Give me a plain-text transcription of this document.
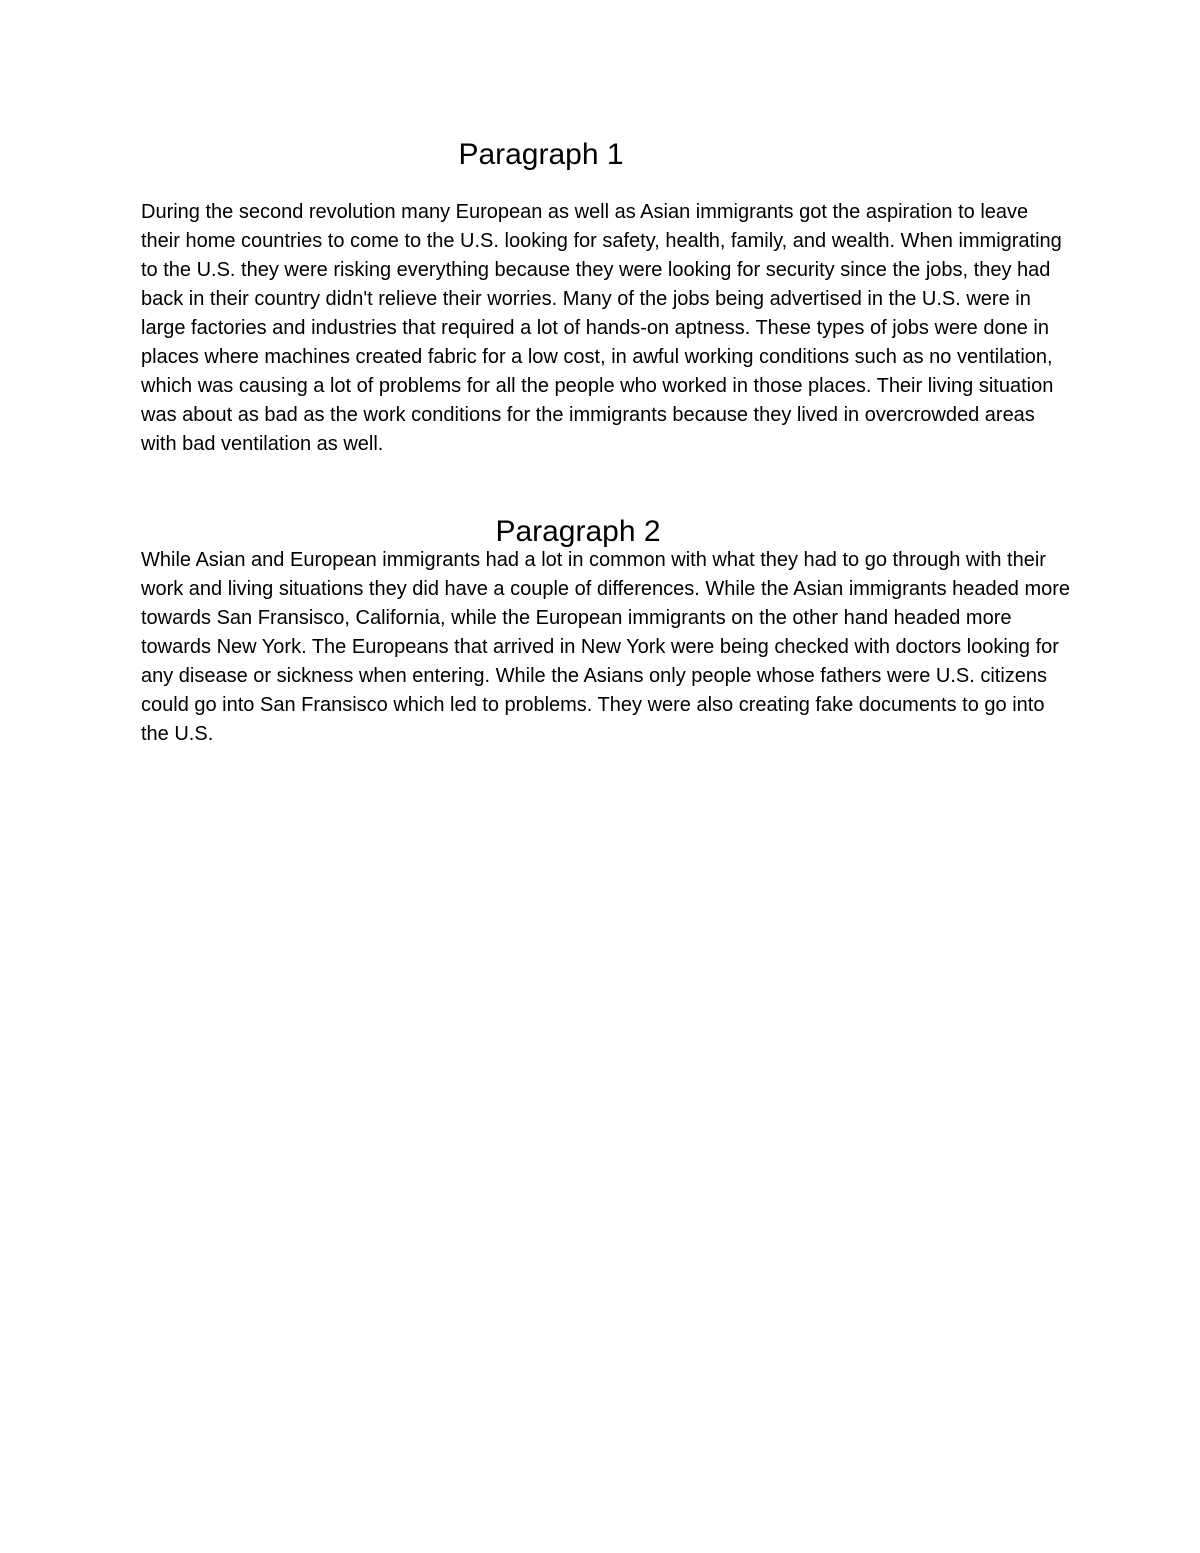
Paragraph 1

During the second revolution many European as well as Asian immigrants got the aspiration to leave their home countries to come to the U.S. looking for safety, health, family, and wealth. When immigrating to the U.S. they were risking everything because they were looking for security since the jobs, they had back in their country didn't relieve their worries. Many of the jobs being advertised in the U.S. were in large factories and industries that required a lot of hands-on aptness. These types of jobs were done in places where machines created fabric for a low cost, in awful working conditions such as no ventilation, which was causing a lot of problems for all the people who worked in those places. Their living situation was about as bad as the work conditions for the immigrants because they lived in overcrowded areas with bad ventilation as well.

Paragraph 2

While Asian and European immigrants had a lot in common with what they had to go through with their work and living situations they did have a couple of differences. While the Asian immigrants headed more towards San Fransisco, California, while the European immigrants on the other hand headed more towards New York. The Europeans that arrived in New York were being checked with doctors looking for any disease or sickness when entering. While the Asians only people whose fathers were U.S. citizens could go into San Fransisco which led to problems. They were also creating fake documents to go into the U.S.
